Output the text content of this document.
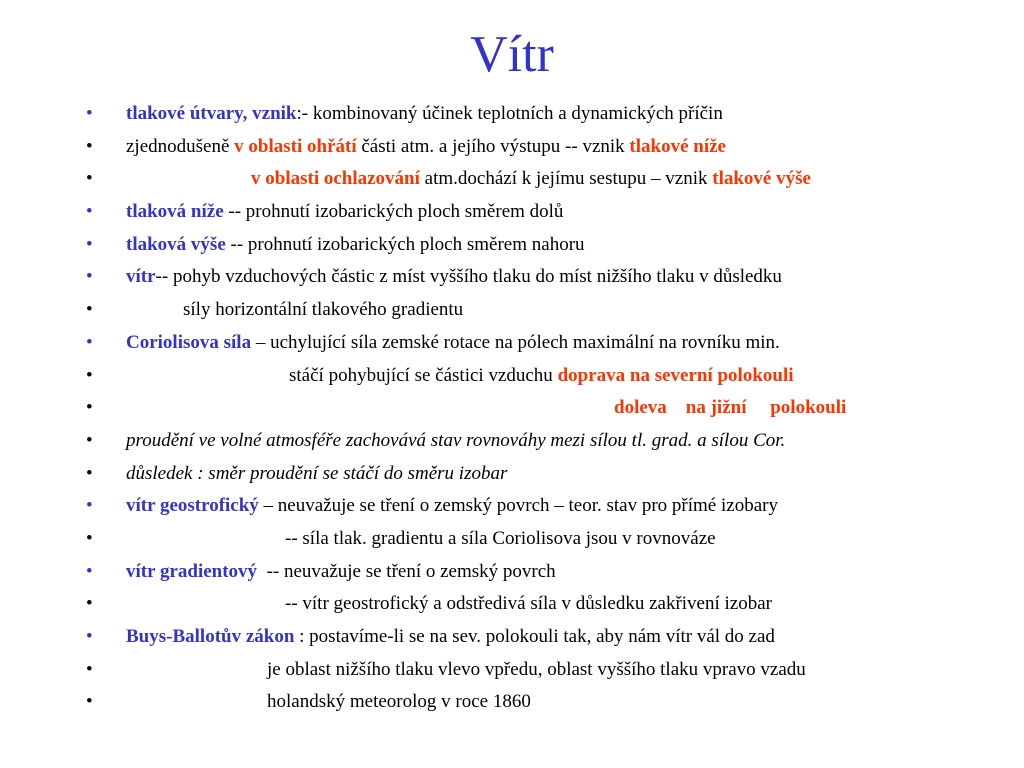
Vítr
• tlakové útvary, vznik:- kombinovaný účinek teplotních a dynamických příčin
• zjednodušeně v oblasti ohřátí části atm. a jejího výstupu -- vznik tlakové níže
•	v oblasti ochlazování atm.dochází k jejímu sestupu – vznik tlakové výše
• tlaková níže -- prohnutí izobarických ploch směrem dolů
• tlaková výše -- prohnutí izobarických ploch směrem nahoru
• vítr-- pohyb vzduchových částic z míst vyššího tlaku do míst nižšího tlaku v důsledku
•	síly horizontální tlakového gradientu
• Coriolisova síla – uchylující síla zemské rotace na pólech maximální na rovníku min.
•	stáčí pohybující se částici vzduchu doprava na severní polokouli
•	doleva    na jižní     polokouli
• proudění ve volné atmosféře zachovává stav rovnováhy mezi sílou tl. grad. a sílou Cor.
• důsledek : směr proudění se stáčí do směru izobar
• vítr geostrofický – neuvažuje se tření o zemský povrch – teor. stav pro přímé izobary
•	-- síla tlak. gradientu a síla Coriolisova jsou v rovnováze
• vítr gradientový  -- neuvažuje se tření o zemský povrch
•	-- vítr geostrofický a odstředivá síla v důsledku zakřivení izobar
• Buys-Ballotův zákon : postavíme-li se na sev. polokouli tak, aby nám vítr vál do zad
•	je oblast nižšího tlaku vlevo vpředu, oblast vyššího tlaku vpravo vzadu
•	holandský meteorolog v roce 1860
